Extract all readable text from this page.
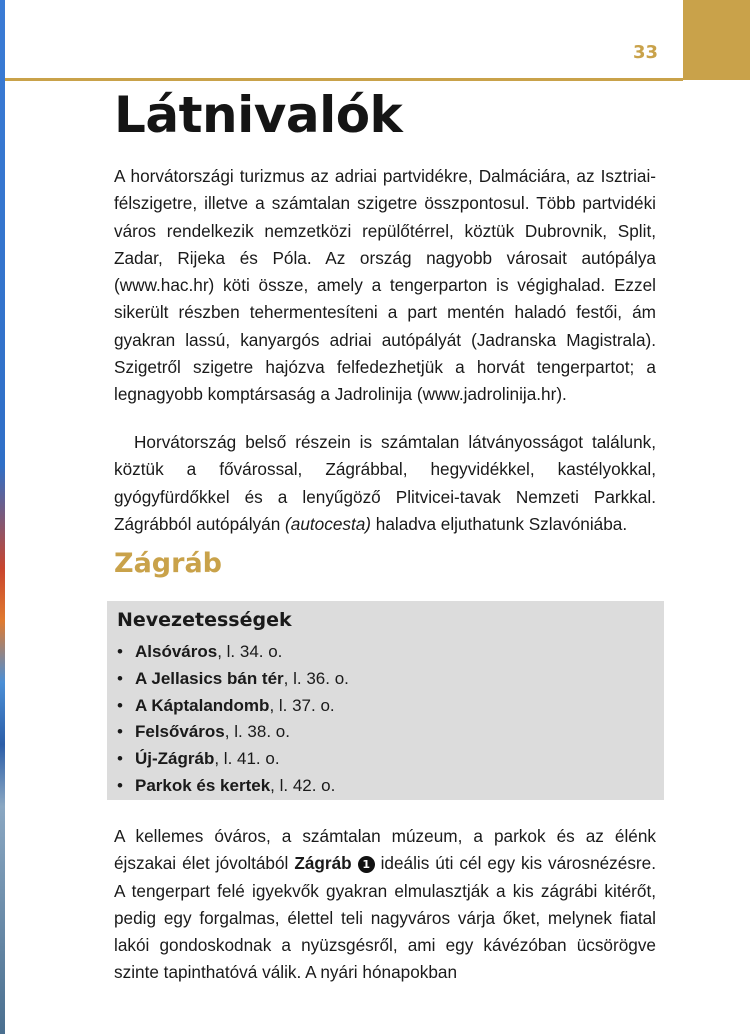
33
Látnivalók

A horvátországi turizmus az adriai partvidékre, Dalmáciára, az Isztriai-félszigetre, illetve a számtalan szigetre összpontosul. Több partvidéki város rendelkezik nemzetközi repülőtérrel, köztük Dubrovnik, Split, Zadar, Rijeka és Póla. Az ország nagyobb városait autópálya (www.hac.hr) köti össze, amely a tengerparton is végighalad. Ezzel sikerült részben tehermentesíteni a part mentén haladó festői, ám gyakran lassú, kanyargós adriai autópályát (Jadranska Magistrala). Szigetről szigetre hajózva felfedezhetjük a horvát tengerpartot; a legnagyobb komptársaság a Jadrolinija (www.jadrolinija.hr).

Horvátország belső részein is számtalan látványosságot találunk, köztük a fővárossal, Zágrábbal, hegyvidékkel, kastélyokkal, gyógyfürdőkkel és a lenyűgöző Plitvicei-tavak Nemzeti Parkkal. Zágrábból autópályán (autocesta) haladva eljuthatunk Szlavóniába.

Zágráb
Nevezetességek
• Alsóváros, l. 34. o.
• A Jellasics bán tér, l. 36. o.
• A Káptalandomb, l. 37. o.
• Felsőváros, l. 38. o.
• Új-Zágráb, l. 41. o.
• Parkok és kertek, l. 42. o.

A kellemes óváros, a számtalan múzeum, a parkok és az élénk éjszakai élet jóvoltából Zágráb 1 ideális úti cél egy kis városnézésre. A tengerpart felé igyekvők gyakran elmulasztják a kis zágrábi kitérőt, pedig egy forgalmas, élettel teli nagyváros várja őket, melynek fiatal lakói gondoskodnak a nyüzsgésről, ami egy kávézóban ücsörögve szinte tapinthatóvá válik. A nyári hónapokban
